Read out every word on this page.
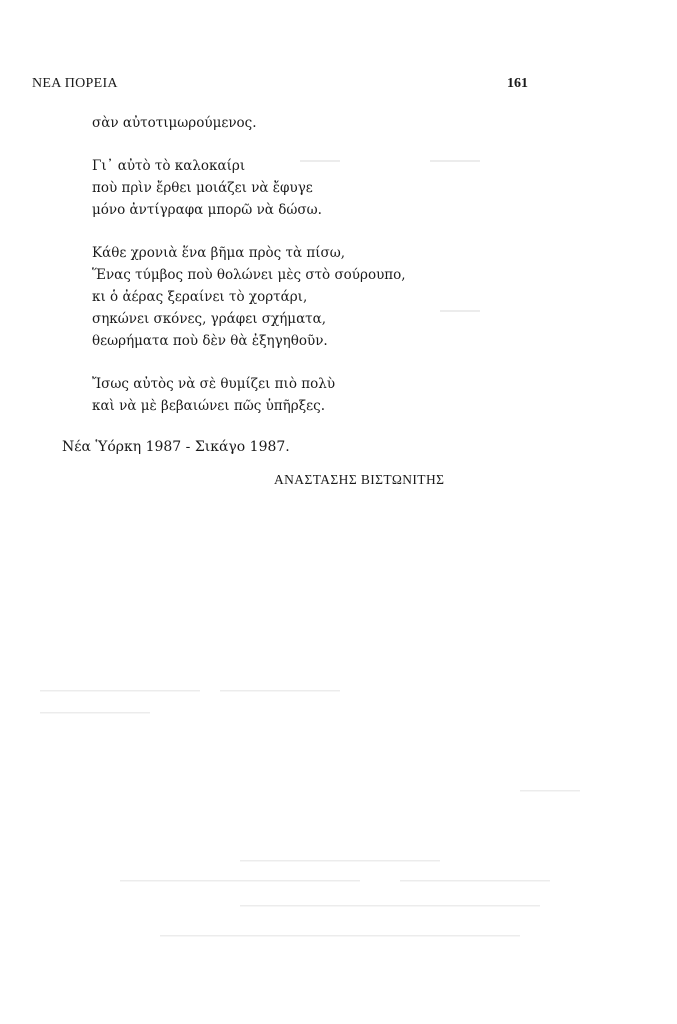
ΝΕΑ ΠΟΡΕΙΑ	161
σὰν αὐτοτιμωρούμενος.
Γι᾽ αὐτὸ τὸ καλοκαίρι
ποὺ πρὶν ἔρθει μοιάζει νὰ ἔφυγε
μόνο ἀντίγραφα μπορῶ νὰ δώσω.
Κάθε χρονιὰ ἕνα βῆμα πρὸς τὰ πίσω,
Ἕνας τύμβος ποὺ θολώνει μὲς στὸ σούρουπο,
κι ὁ ἀέρας ξεραίνει τὸ χορτάρι,
σηκώνει σκόνες, γράφει σχήματα,
θεωρήματα ποὺ δὲν θὰ ἐξηγηθοῦν.
Ἴσως αὐτὸς νὰ σὲ θυμίζει πιὸ πολὺ
καὶ νὰ μὲ βεβαιώνει πῶς ὑπῆρξες.
Νέα Ὑόρκη 1987 - Σικάγο 1987.
ΑΝΑΣΤΑΣΗΣ ΒΙΣΤΩΝΙΤΗΣ
